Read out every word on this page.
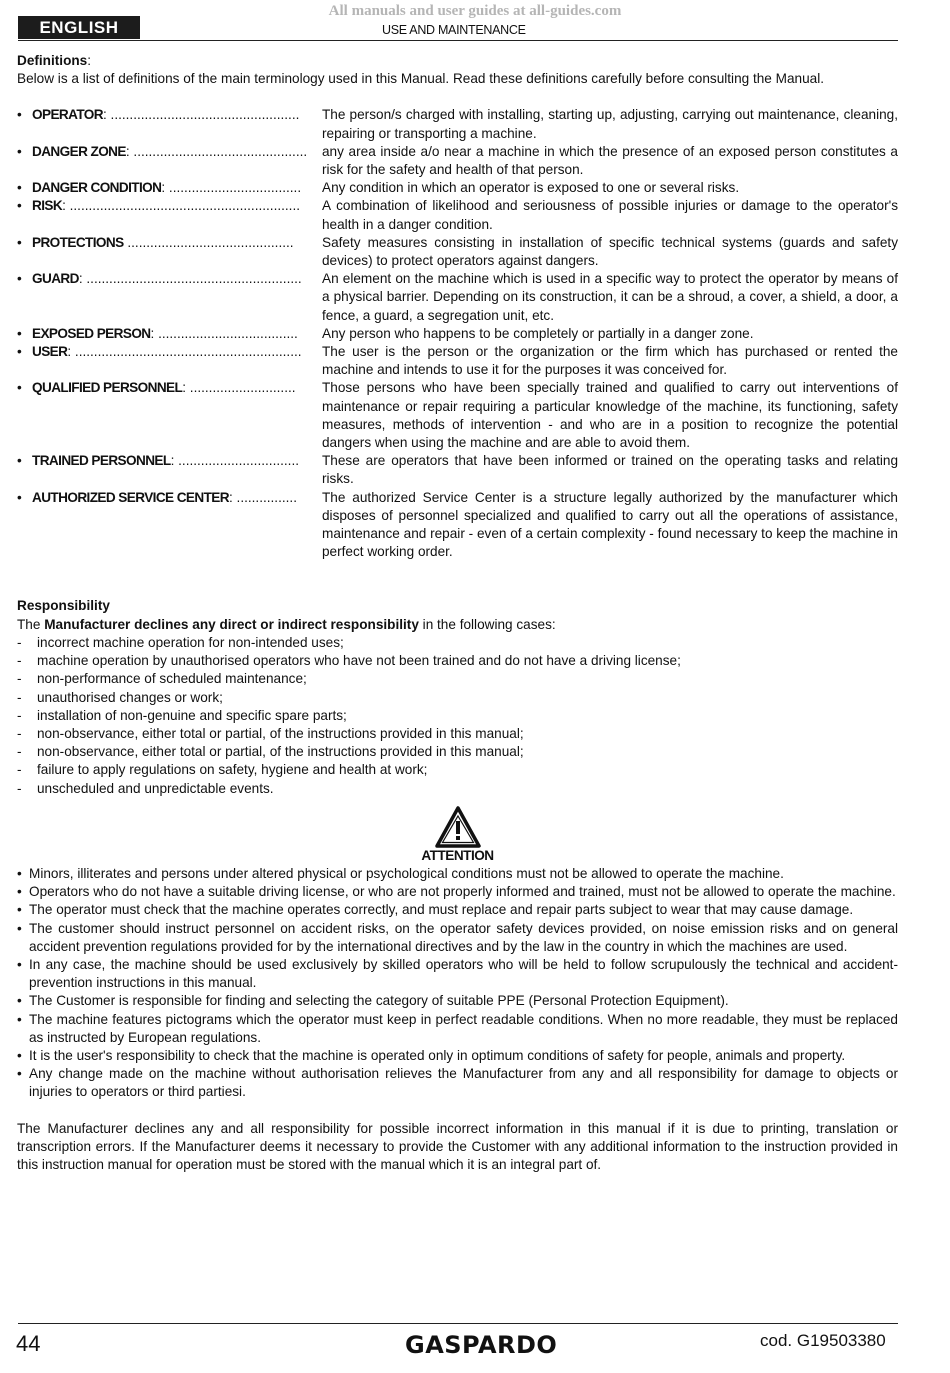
All manuals and user guides at all-guides.com
ENGLISH	USE AND MAINTENANCE

Definitions:

Below is a list of definitions of the main terminology used in this Manual. Read these definitions carefully before consulting the Manual.

• OPERATOR: ..................................................	The person/s charged with installing, starting up, adjusting, carrying out maintenance, cleaning, repairing or transporting a machine.
• DANGER ZONE: ..............................................	any area inside a/o near a machine in which the presence of an exposed person constitutes a risk for the safety and health of that person.
• DANGER CONDITION: ...................................	Any condition in which an operator is exposed to one or several risks.
• RISK: .............................................................	A combination of likelihood and seriousness of possible injuries or damage to the operator's health in a danger condition.
• PROTECTIONS ............................................	Safety measures consisting in installation of specific technical systems (guards and safety devices) to protect operators against dangers.
• GUARD: .........................................................	An element on the machine which is used in a specific way to protect the operator by means of a physical barrier. Depending on its construction, it can be a shroud, a cover, a shield, a door, a fence, a guard, a segregation unit, etc.
• EXPOSED PERSON: .....................................	Any person who happens to be completely or partially in a danger zone.
• USER: ............................................................	The user is the person or the organization or the firm which has purchased or rented the machine and intends to use it for the purposes it was conceived for.
• QUALIFIED PERSONNEL: ............................	Those persons who have been specially trained and qualified to carry out interventions of maintenance or repair requiring a particular knowledge of the machine, its functioning, safety measures, methods of intervention - and who are in a position to recognize the potential dangers when using the machine and are able to avoid them.
• TRAINED PERSONNEL: ................................	These are operators that have been informed or trained on the operating tasks and relating risks.
• AUTHORIZED SERVICE CENTER: ................	The authorized Service Center is a structure legally authorized by the manufacturer which disposes of personnel specialized and qualified to carry out all the operations of assistance, maintenance and repair - even of a certain complexity - found necessary to keep the machine in perfect working order.

Responsibility

The Manufacturer declines any direct or indirect responsibility in the following cases:

-	incorrect machine operation for non-intended uses;
-	machine operation by unauthorised operators who have not been trained and do not have a driving license;
-	non-performance of scheduled maintenance;
-	unauthorised changes or work;
-	installation of non-genuine and specific spare parts;
-	non-observance, either total or partial, of the instructions provided in this manual;
-	non-observance, either total or partial, of the instructions provided in this manual;
-	failure to apply regulations on safety, hygiene and health at work;
-	unscheduled and unpredictable events.
ATTENTION
• Minors, illiterates and persons under altered physical or psychological conditions must not be allowed to operate the machine.
• Operators who do not have a suitable driving license, or who are not properly informed and trained, must not be allowed to operate the machine.
• The operator must check that the machine operates correctly, and must replace and repair parts subject to wear that may cause damage.
• The customer should instruct personnel on accident risks, on the operator safety devices provided, on noise emission risks and on general accident prevention regulations provided for by the international directives and by the law in the country in which the machines are used.
• In any case, the machine should be used exclusively by skilled operators who will be held to follow scrupulously the technical and accident-prevention instructions in this manual.
• The Customer is responsible for finding and selecting the category of suitable PPE (Personal Protection Equipment).
• The machine features pictograms which the operator must keep in perfect readable conditions. When no more readable, they must be replaced as instructed by European regulations.
• It is the user's responsibility to check that the machine is operated only in optimum conditions of safety for people, animals and property.
• Any change made on the machine without authorisation relieves the Manufacturer from any and all responsibility for damage to objects or injuries to operators or third partiesi.

The Manufacturer declines any and all responsibility for possible incorrect information in this manual if it is due to printing, translation or transcription errors. If the Manufacturer deems it necessary to provide the Customer with any additional information to the instruction provided in this instruction manual for operation must be stored with the manual which it is an integral part of.

44	GASPARDO	cod. G19503380
